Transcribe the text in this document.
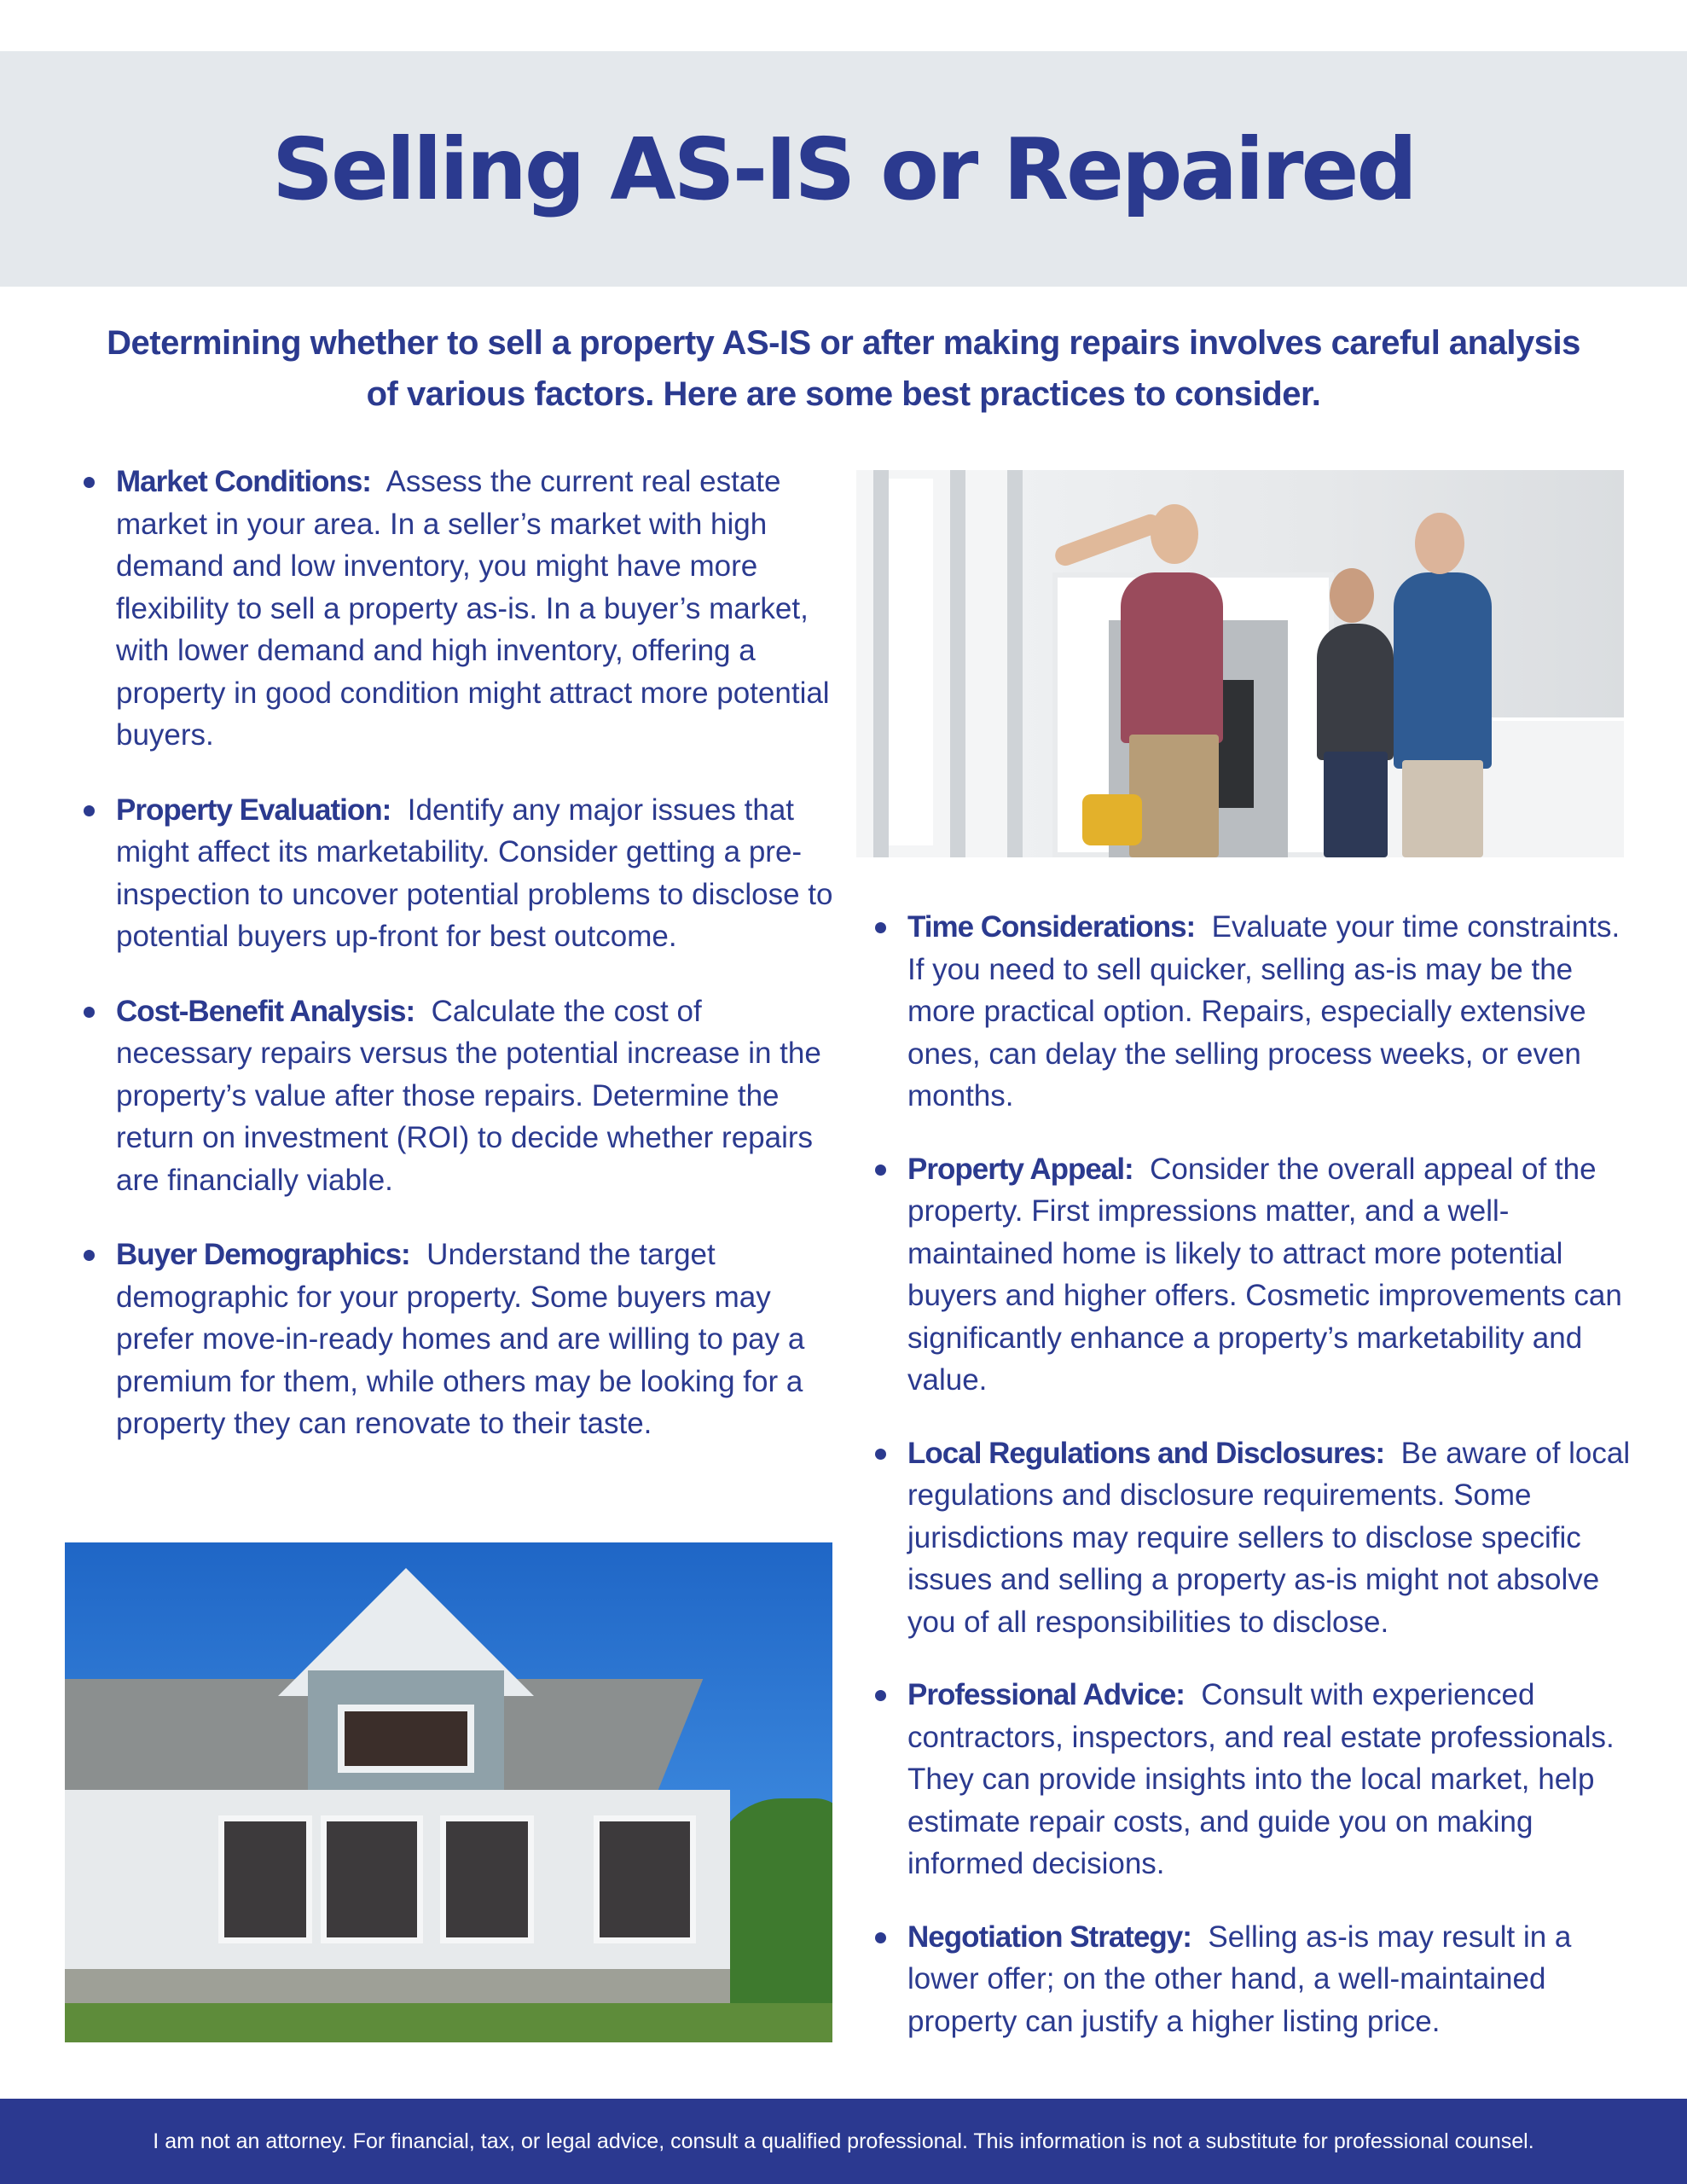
Selling AS-IS or Repaired

Determining whether to sell a property AS-IS or after making repairs involves careful analysis of various factors. Here are some best practices to consider.

Market Conditions: Assess the current real estate market in your area. In a seller’s market with high demand and low inventory, you might have more flexibility to sell a property as-is. In a buyer’s market, with lower demand and high inventory, offering a property in good condition might attract more potential buyers.
Property Evaluation: Identify any major issues that might affect its marketability. Consider getting a pre-inspection to uncover potential problems to disclose to potential buyers up-front for best outcome.
Cost-Benefit Analysis: Calculate the cost of necessary repairs versus the potential increase in the property’s value after those repairs. Determine the return on investment (ROI) to decide whether repairs are financially viable.
Buyer Demographics: Understand the target demographic for your property. Some buyers may prefer move-in-ready homes and are willing to pay a premium for them, while others may be looking for a property they can renovate to their taste.
Time Considerations: Evaluate your time constraints. If you need to sell quicker, selling as-is may be the more practical option. Repairs, especially extensive ones, can delay the selling process weeks, or even months.
Property Appeal: Consider the overall appeal of the property. First impressions matter, and a well-maintained home is likely to attract more potential buyers and higher offers. Cosmetic improvements can significantly enhance a property’s marketability and value.
Local Regulations and Disclosures: Be aware of local regulations and disclosure requirements. Some jurisdictions may require sellers to disclose specific issues and selling a property as-is might not absolve you of all responsibilities to disclose.
Professional Advice: Consult with experienced contractors, inspectors, and real estate professionals. They can provide insights into the local market, help estimate repair costs, and guide you on making informed decisions.
Negotiation Strategy: Selling as-is may result in a lower offer; on the other hand, a well-maintained property can justify a higher listing price.

I am not an attorney. For financial, tax, or legal advice, consult a qualified professional. This information is not a substitute for professional counsel.
